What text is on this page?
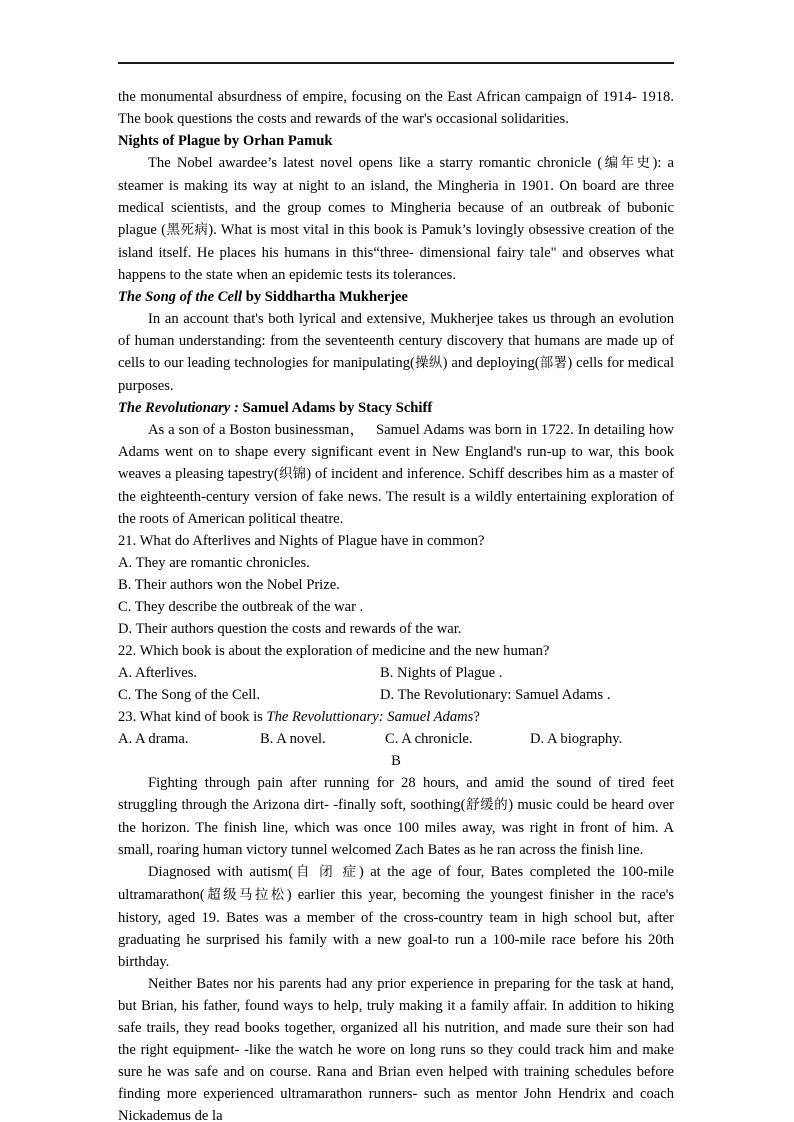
the monumental absurdness of empire, focusing on the East African campaign of 1914- 1918. The book questions the costs and rewards of the war's occasional solidarities.

Nights of Plague by Orhan Pamuk

The Nobel awardee’s latest novel opens like a starry romantic chronicle (编年史): a steamer is making its way at night to an island, the Mingheria in 1901. On board are three medical scientists, and the group comes to Mingheria because of an outbreak of bubonic plague (黑死病). What is most vital in this book is Pamuk’s lovingly obsessive creation of the island itself. He places his humans in this“three- dimensional fairy tale" and observes what happens to the state when an epidemic tests its tolerances.

The Song of the Cell by Siddhartha Mukherjee

In an account that's both lyrical and extensive, Mukherjee takes us through an evolution of human understanding: from the seventeenth century discovery that humans are made up of cells to our leading technologies for manipulating(操纵) and deploying(部署) cells for medical purposes.

The Revolutionary : Samuel Adams by Stacy Schiff

As a son of a Boston businessman，　 Samuel Adams was born in 1722. In detailing how Adams went on to shape every significant event in New England's run-up to war, this book weaves a pleasing tapestry(织锦) of incident and inference. Schiff describes him as a master of the eighteenth-century version of fake news. The result is a wildly entertaining exploration of the roots of American political theatre.

21. What do Afterlives and Nights of Plague have in common?

A. They are romantic chronicles.
B. Their authors won the Nobel Prize.
C. They describe the outbreak of the war .
D. Their authors question the costs and rewards of the war.

22. Which book is about the exploration of medicine and the new human?

A. Afterlives.	B. Nights of Plague .
C. The Song of the Cell.	D. The Revolutionary: Samuel Adams .

23. What kind of book is The Revoluttionary: Samuel Adams?

A. A drama.	B. A novel.	C. A chronicle.	D. A biography.

B

Fighting through pain after running for 28 hours, and amid the sound of tired feet struggling through the Arizona dirt- -finally soft, soothing(舒缓的) music could be heard over the horizon. The finish line, which was once 100 miles away, was right in front of him. A small, roaring human victory tunnel welcomed Zach Bates as he ran across the finish line.

Diagnosed with autism(自 闭 症) at the age of four, Bates completed the 100-mile ultramarathon(超级马拉松) earlier this year, becoming the youngest finisher in the race's history, aged 19. Bates was a member of the cross-country team in high school but, after graduating he surprised his family with a new goal-to run a 100-mile race before his 20th birthday.

Neither Bates nor his parents had any prior experience in preparing for the task at hand, but Brian, his father, found ways to help, truly making it a family affair. In addition to hiking safe trails, they read books together, organized all his nutrition, and made sure their son had the right equipment- -like the watch he wore on long runs so they could track him and make sure he was safe and on course. Rana and Brian even helped with training schedules before finding more experienced ultramarathon runners- such as mentor John Hendrix and coach Nickademus de la
